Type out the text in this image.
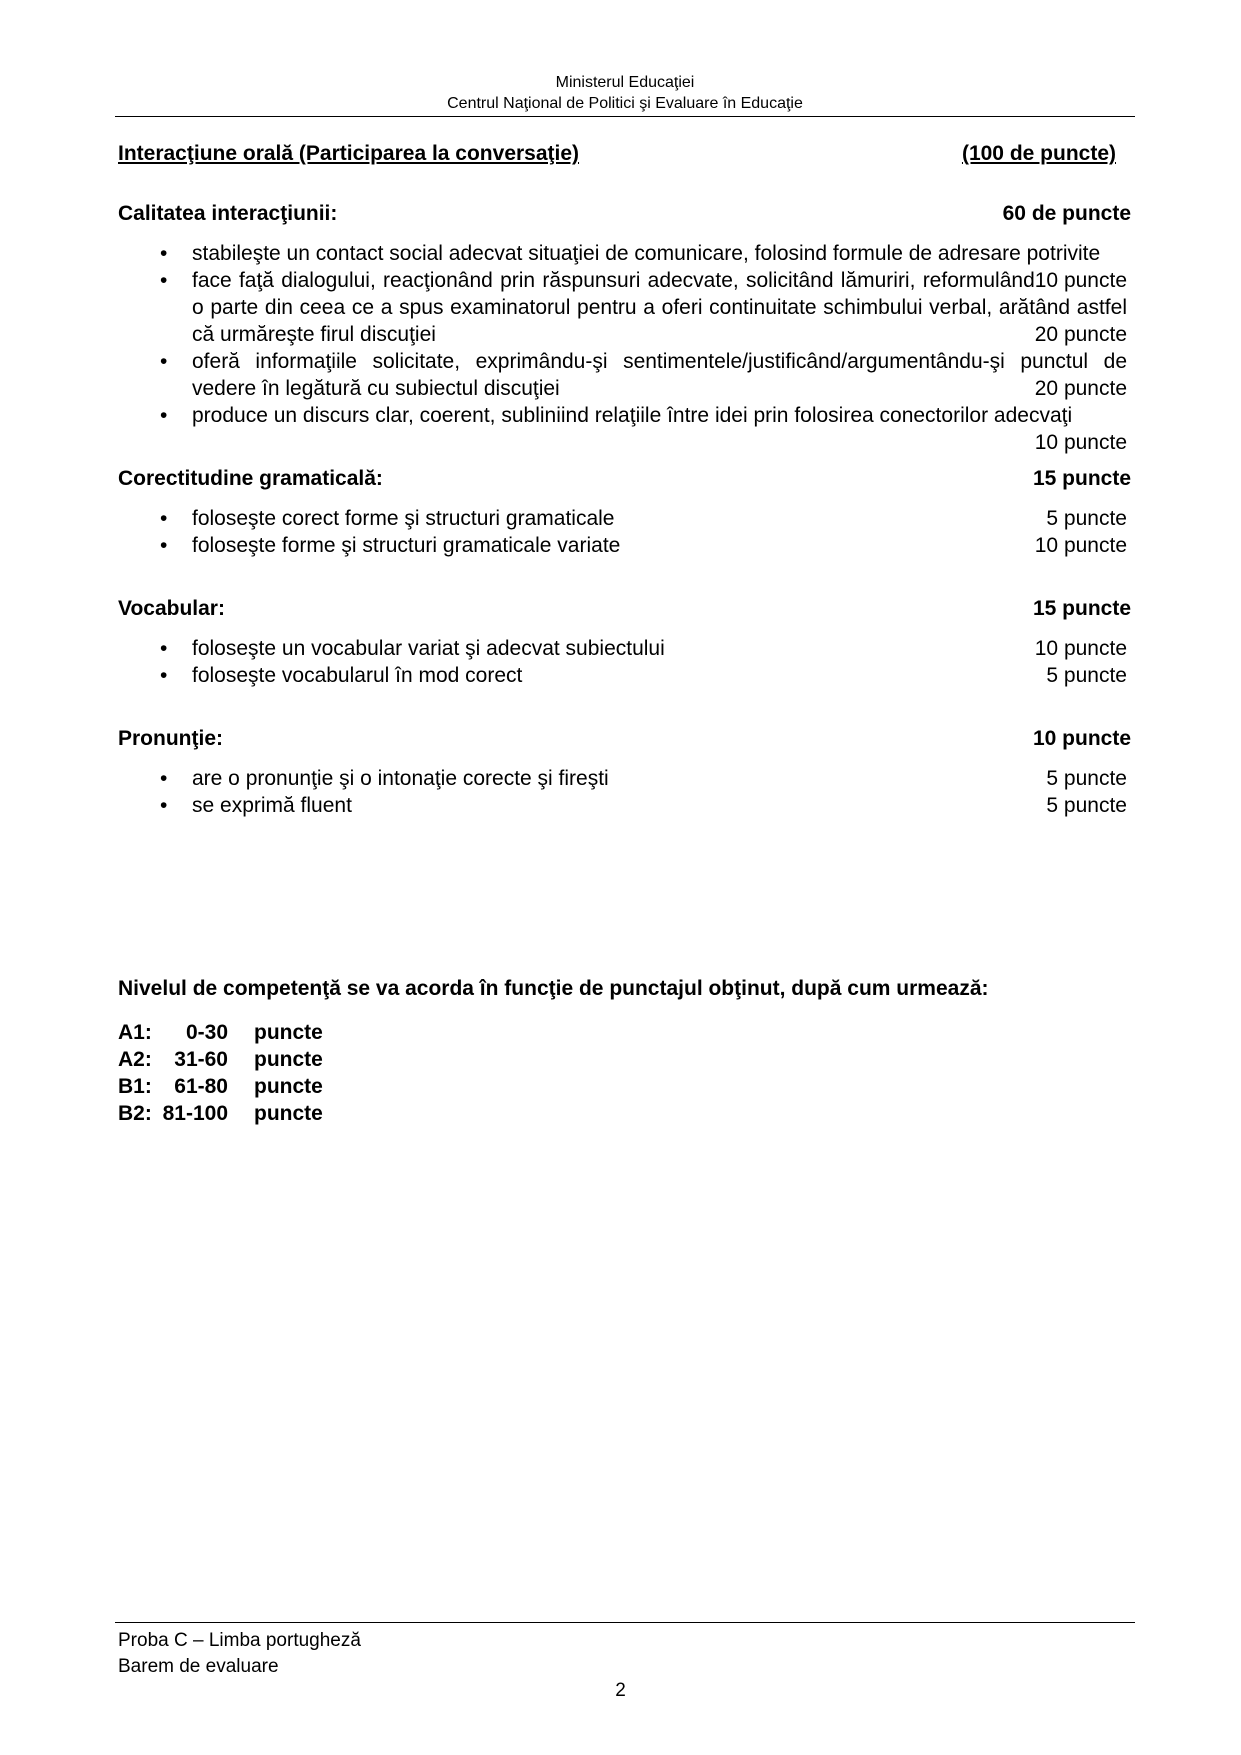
Ministerul Educaţiei
Centrul Naţional de Politici şi Evaluare în Educaţie
Interacţiune orală (Participarea la conversaţie)	(100 de puncte)
Calitatea interacţiunii:	60 de puncte
• stabileşte un contact social adecvat situaţiei de comunicare, folosind formule de adresare potrivite
10 puncte
• face faţă dialogului, reacţionând prin răspunsuri adecvate, solicitând lămuriri, reformulând o parte din ceea ce a spus examinatorul pentru a oferi continuitate schimbului verbal, arătând astfel că urmăreşte firul discuţiei	20 puncte
• oferă informaţiile solicitate, exprimându-şi sentimentele/justificând/argumentându-şi punctul de vedere în legătură cu subiectul discuţiei	20 puncte
• produce un discurs clar, coerent, subliniind relaţiile între idei prin folosirea conectorilor adecvaţi
10 puncte
Corectitudine gramaticală:	15 puncte
• foloseşte corect forme şi structuri gramaticale	5 puncte
• foloseşte forme şi structuri gramaticale variate	10 puncte
Vocabular:	15 puncte
• foloseşte un vocabular variat şi adecvat subiectului	10 puncte
• foloseşte vocabularul în mod corect	5 puncte
Pronunţie:	10 puncte
• are o pronunţie şi o intonaţie corecte şi fireşti	5 puncte
• se exprimă fluent	5 puncte
Nivelul de competenţă se va acorda în funcţie de punctajul obţinut, după cum urmează:
A1:	0-30	puncte
A2:	31-60	puncte
B1:	61-80	puncte
B2: 81-100	puncte
Proba C – Limba portugheză
Barem de evaluare
2
